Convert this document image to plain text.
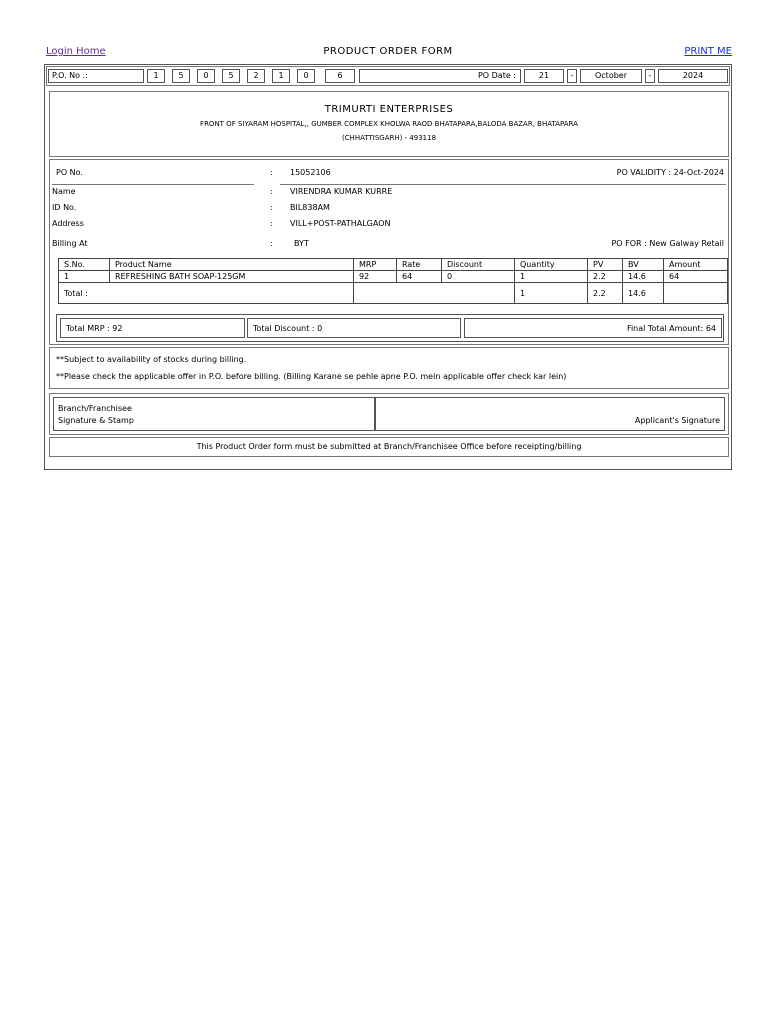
Login Home	PRODUCT ORDER FORM	PRINT ME
P.O. No .:	1	5	0	5	2	1	0	6	PO Date :	21	-	October	-	2024
TRIMURTI ENTERPRISES
FRONT OF SIYARAM HOSPITAL,, GUMBER COMPLEX KHOLWA RAOD BHATAPARA,BALODA BAZAR, BHATAPARA
(CHHATTISGARH) - 493118
PO No.	: 15052106	PO VALIDITY : 24-Oct-2024
Name	: VIRENDRA KUMAR KURRE
ID No.	: BIL838AM
Address	: VILL+POST-PATHALGAON
Billing At	:	BYT	PO FOR : New Galway Retail
S.No.	Product Name	MRP	Rate	Discount	Quantity	PV	BV	Amount
1	REFRESHING BATH SOAP-125GM	92	64	0	1	2.2	14.6	64
Total :					1	2.2	14.6	
Total MRP : 92	Total Discount : 0	Final Total Amount: 64
**Subject to availability of stocks during billing.
**Please check the applicable offer in P.O. before billing. (Billing Karane se pehle apne P.O. mein applicable offer check kar lein)
Branch/Franchisee
Signature & Stamp	Applicant's Signature
This Product Order form must be submitted at Branch/Franchisee Office before receipting/billing
